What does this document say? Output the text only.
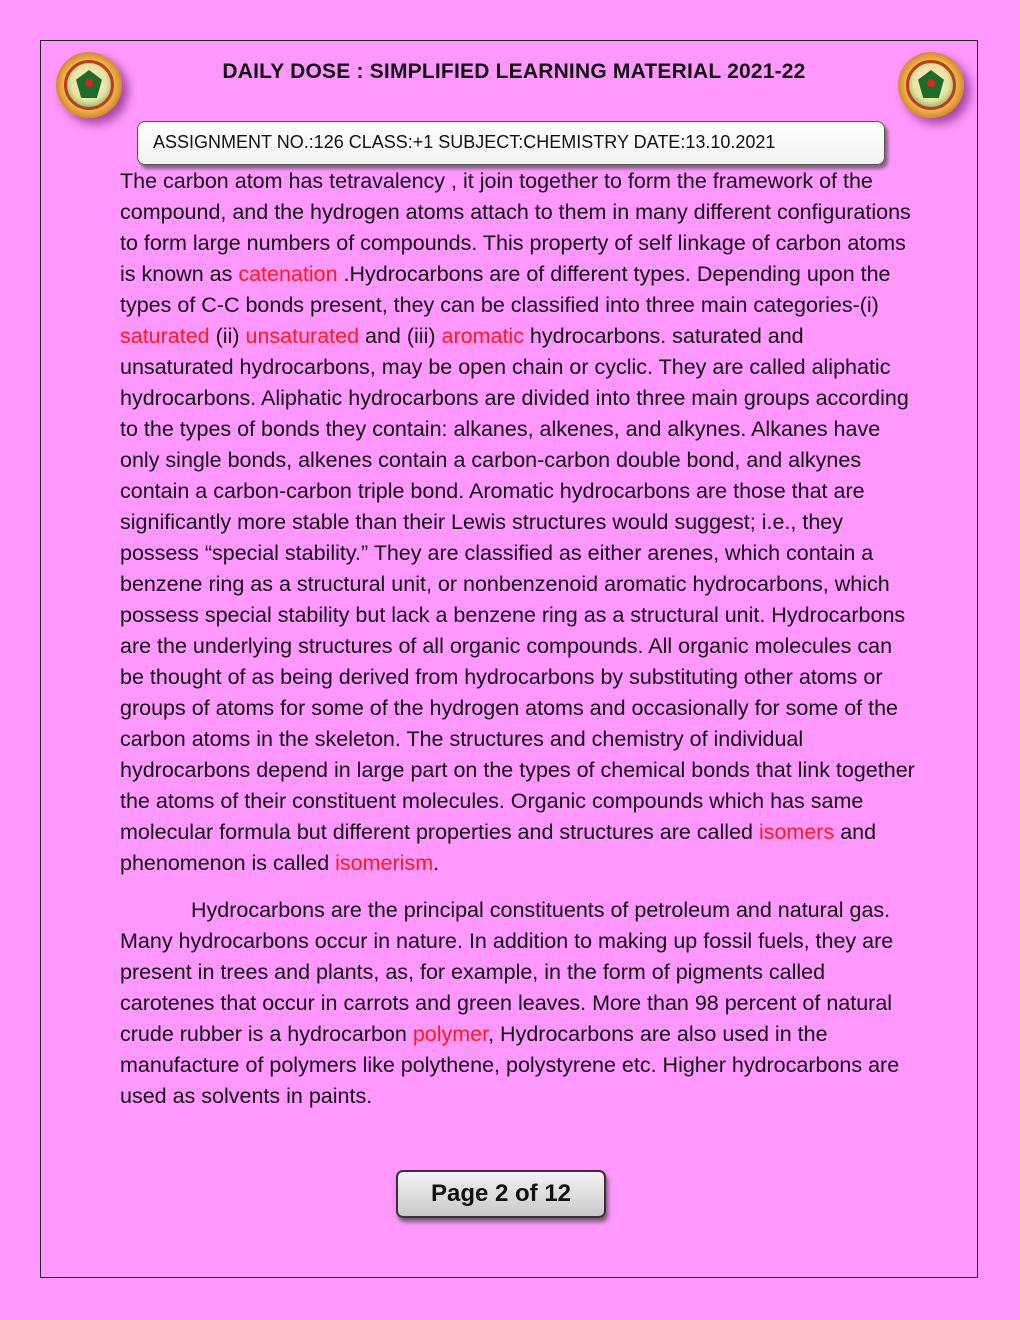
DAILY DOSE : SIMPLIFIED LEARNING MATERIAL 2021-22
ASSIGNMENT NO.:126 CLASS:+1 SUBJECT:CHEMISTRY DATE:13.10.2021

The carbon atom has tetravalency , it join together to form the framework of the compound, and the hydrogen atoms attach to them in many different configurations to form large numbers of compounds. This property of self linkage of carbon atoms is known as catenation .Hydrocarbons are of different types. Depending upon the types of C-C bonds present, they can be classified into three main categories-(i) saturated (ii) unsaturated and (iii) aromatic hydrocarbons. saturated and unsaturated hydrocarbons, may be open chain or cyclic. They are called aliphatic hydrocarbons. Aliphatic hydrocarbons are divided into three main groups according to the types of bonds they contain: alkanes, alkenes, and alkynes. Alkanes have only single bonds, alkenes contain a carbon-carbon double bond, and alkynes contain a carbon-carbon triple bond. Aromatic hydrocarbons are those that are significantly more stable than their Lewis structures would suggest; i.e., they possess “special stability.” They are classified as either arenes, which contain a benzene ring as a structural unit, or nonbenzenoid aromatic hydrocarbons, which possess special stability but lack a benzene ring as a structural unit. Hydrocarbons are the underlying structures of all organic compounds. All organic molecules can be thought of as being derived from hydrocarbons by substituting other atoms or groups of atoms for some of the hydrogen atoms and occasionally for some of the carbon atoms in the skeleton. The structures and chemistry of individual hydrocarbons depend in large part on the types of chemical bonds that link together the atoms of their constituent molecules. Organic compounds which has same molecular formula but different properties and structures are called isomers and phenomenon is called isomerism.

Hydrocarbons are the principal constituents of petroleum and natural gas. Many hydrocarbons occur in nature. In addition to making up fossil fuels, they are present in trees and plants, as, for example, in the form of pigments called carotenes that occur in carrots and green leaves. More than 98 percent of natural crude rubber is a hydrocarbon polymer, Hydrocarbons are also used in the manufacture of polymers like polythene, polystyrene etc. Higher hydrocarbons are used as solvents in paints.

Page 2 of 12
